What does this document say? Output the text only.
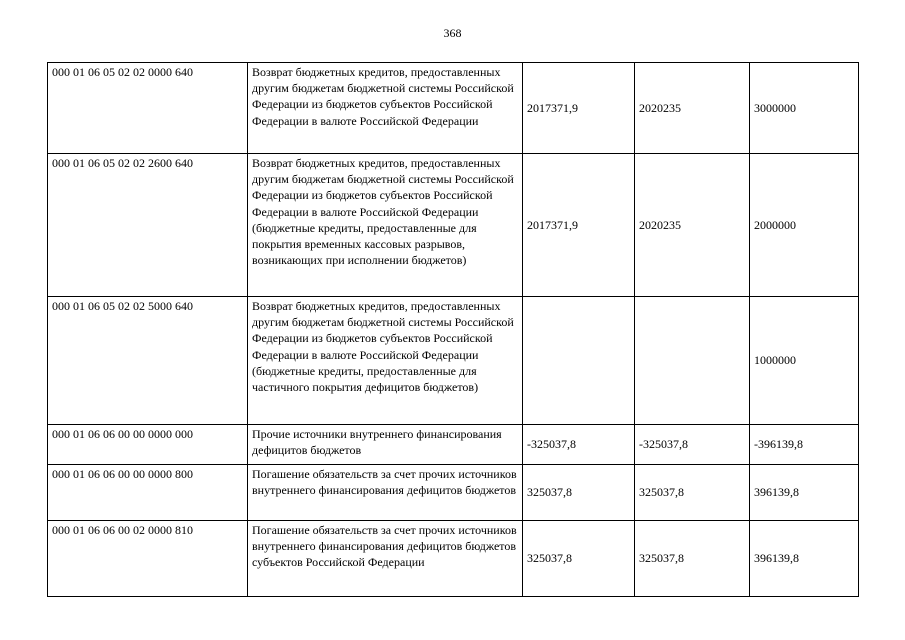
368
000 01 06 05 02 02 0000 640	Возврат бюджетных кредитов, предоставленных другим бюджетам бюджетной системы Российской Федерации из бюджетов субъектов Российской Федерации в валюте Российской Федерации	2017371,9	2020235	3000000
000 01 06 05 02 02 2600 640	Возврат бюджетных кредитов, предоставленных другим бюджетам бюджетной системы Российской Федерации из бюджетов субъектов Российской Федерации в валюте Российской Федерации (бюджетные кредиты, предоставленные для покрытия временных кассовых разрывов, возникающих при исполнении бюджетов)	2017371,9	2020235	2000000
000 01 06 05 02 02 5000 640	Возврат бюджетных кредитов, предоставленных другим бюджетам бюджетной системы Российской Федерации из бюджетов субъектов Российской Федерации в валюте Российской Федерации (бюджетные кредиты, предоставленные для частичного покрытия дефицитов бюджетов)			1000000
000 01 06 06 00 00 0000 000	Прочие источники внутреннего финансирования дефицитов бюджетов	-325037,8	-325037,8	-396139,8
000 01 06 06 00 00 0000 800	Погашение обязательств за счет прочих источников внутреннего финансирования дефицитов бюджетов	325037,8	325037,8	396139,8
000 01 06 06 00 02 0000 810	Погашение обязательств за счет прочих источников внутреннего финансирования дефицитов бюджетов субъектов Российской Федерации	325037,8	325037,8	396139,8
